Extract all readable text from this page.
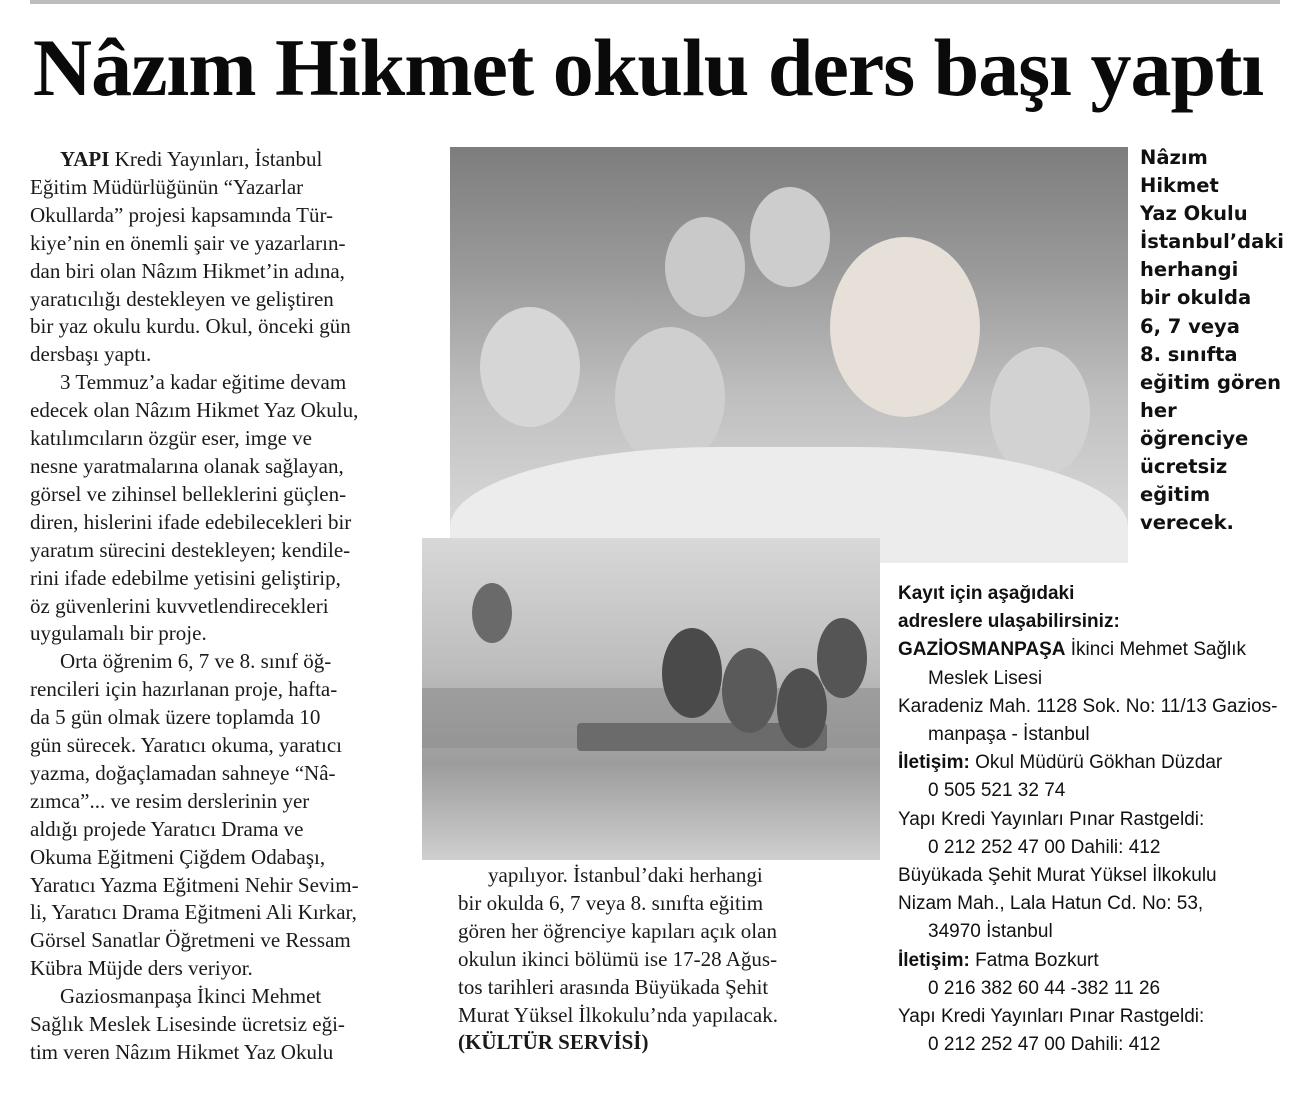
Nâzım Hikmet okulu ders başı yaptı

YAPI Kredi Yayınları, İstanbul

Eğitim Müdürlüğünün “Yazarlar

Okullarda” projesi kapsamında Tür-
kiye’nin en önemli şair ve yazarların-
dan biri olan Nâzım Hikmet’in adına,
yaratıcılığı destekleyen ve geliştiren
bir yaz okulu kurdu. Okul, önceki gün
dersbaşı yaptı.
3 Temmuz’a kadar eğitime devam
edecek olan Nâzım Hikmet Yaz Okulu,
katılımcıların özgür eser, imge ve
nesne yaratmalarına olanak sağlayan,
görsel ve zihinsel belleklerini güçlen-
diren, hislerini ifade edebilecekleri bir
yaratım sürecini destekleyen; kendile-
rini ifade edebilme yetisini geliştirip,
öz güvenlerini kuvvetlendirecekleri
uygulamalı bir proje.
Orta öğrenim 6, 7 ve 8. sınıf öğ-
rencileri için hazırlanan proje, hafta-
da 5 gün olmak üzere toplamda 10
gün sürecek. Yaratıcı okuma, yaratıcı
yazma, doğaçlamadan sahneye “Nâ-
zımca”... ve resim derslerinin yer
aldığı projede Yaratıcı Drama ve
Okuma Eğitmeni Çiğdem Odabaşı,
Yaratıcı Yazma Eğitmeni Nehir Sevim-
li, Yaratıcı Drama Eğitmeni Ali Kırkar,
Görsel Sanatlar Öğretmeni ve Ressam
Kübra Müjde ders veriyor.
Gaziosmanpaşa İkinci Mehmet
Sağlık Meslek Lisesinde ücretsiz eği-
tim veren Nâzım Hikmet Yaz Okulu
Nâzım
Hikmet
Yaz Okulu
İstanbul’daki
herhangi
bir okulda
6, 7 veya
8. sınıfta
eğitim gören
her
öğrenciye
ücretsiz
eğitim
verecek.
yapılıyor. İstanbul’daki herhangi
bir okulda 6, 7 veya 8. sınıfta eğitim
gören her öğrenciye kapıları açık olan
okulun ikinci bölümü ise 17-28 Ağus-
tos tarihleri arasında Büyükada Şehit
Murat Yüksel İlkokulu’nda yapılacak.
(KÜLTÜR SERVİSİ)
Kayıt için aşağıdaki
adreslere ulaşabilirsiniz:
GAZİOSMANPAŞA İkinci Mehmet Sağlık
Meslek Lisesi
Karadeniz Mah. 1128 Sok. No: 11/13 Gazios-
manpaşa - İstanbul
İletişim: Okul Müdürü Gökhan Düzdar
0 505 521 32 74
Yapı Kredi Yayınları Pınar Rastgeldi:
0 212 252 47 00 Dahili: 412
Büyükada Şehit Murat Yüksel İlkokulu
Nizam Mah., Lala Hatun Cd. No: 53,
34970 İstanbul
İletişim: Fatma Bozkurt
0 216 382 60 44 -382 11 26
Yapı Kredi Yayınları Pınar Rastgeldi:
0 212 252 47 00 Dahili: 412
